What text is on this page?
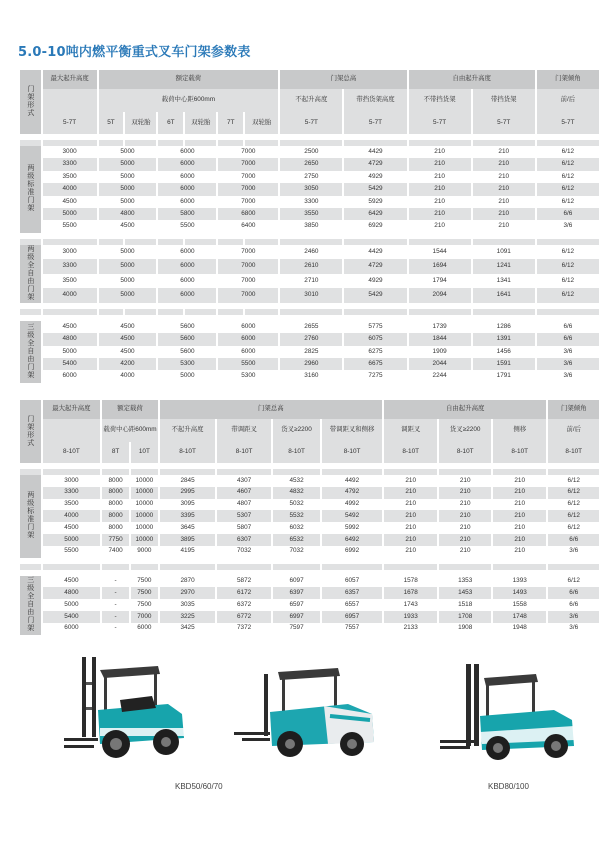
5.0-10吨内燃平衡重式叉车门架参数表
门架形式	最大起升高度	额定载荷						门架总高		自由起升高度		门架倾角
		载荷中心距600mm						不起升高度	带挡货架高度	不带挡货架	带挡货架	前/后
	5-7T	5T	双轮胎	6T	双轮胎	7T	双轮胎	5-7T	5-7T	5-7T	5-7T	5-7T

两级标准门架	3000	5000		6000		7000		2500	4429	210	210	6/12
	3300	5000		6000		7000		2650	4729	210	210	6/12
	3500	5000		6000		7000		2750	4929	210	210	6/12
	4000	5000		6000		7000		3050	5429	210	210	6/12
	4500	5000		6000		7000		3300	5929	210	210	6/12
	5000	4800		5800		6800		3550	6429	210	210	6/6
	5500	4500		5500		6400		3850	6929	210	210	3/6

两级全自由门架	3000	5000		6000		7000		2460	4429	1544	1091	6/12
	3300	5000		6000		7000		2610	4729	1694	1241	6/12
	3500	5000		6000		7000		2710	4929	1794	1341	6/12
	4000	5000		6000		7000		3010	5429	2094	1641	6/12

三级全自由门架	4500	4500		5600		6000		2655	5775	1739	1286	6/6
	4800	4500		5600		6000		2760	6075	1844	1391	6/6
	5000	4500		5600		6000		2825	6275	1909	1456	3/6
	5400	4200		5300		5500		2960	6675	2044	1591	3/6
	6000	4000		5000		5300		3160	7275	2244	1791	3/6

门架形式	最大起升高度	额定载荷		门架总高				自由起升高度			门架倾角
		载荷中心距600mm		不起升高度	带调距叉	货叉≥2200	带调距叉和侧移	调距叉	货叉≥2200	侧移	前/后
	8-10T	8T	10T	8-10T	8-10T	8-10T	8-10T	8-10T	8-10T	8-10T	8-10T

两级标准门架	3000	8000	10000	2845	4307	4532	4492	210	210	210	6/12
	3300	8000	10000	2995	4607	4832	4792	210	210	210	6/12
	3500	8000	10000	3095	4807	5032	4992	210	210	210	6/12
	4000	8000	10000	3395	5307	5532	5492	210	210	210	6/12
	4500	8000	10000	3645	5807	6032	5992	210	210	210	6/12
	5000	7750	10000	3895	6307	6532	6492	210	210	210	6/6
	5500	7400	9000	4195	7032	7032	6992	210	210	210	3/6

三级全自由门架	4500	-	7500	2870	5872	6097	6057	1578	1353	1393	6/12
	4800	-	7500	2970	6172	6397	6357	1678	1453	1493	6/6
	5000	-	7500	3035	6372	6597	6557	1743	1518	1558	6/6
	5400	-	7000	3225	6772	6997	6957	1933	1708	1748	3/6
	6000	-	6000	3425	7372	7597	7557	2133	1908	1948	3/6
KBD50/60/70	KBD80/100
